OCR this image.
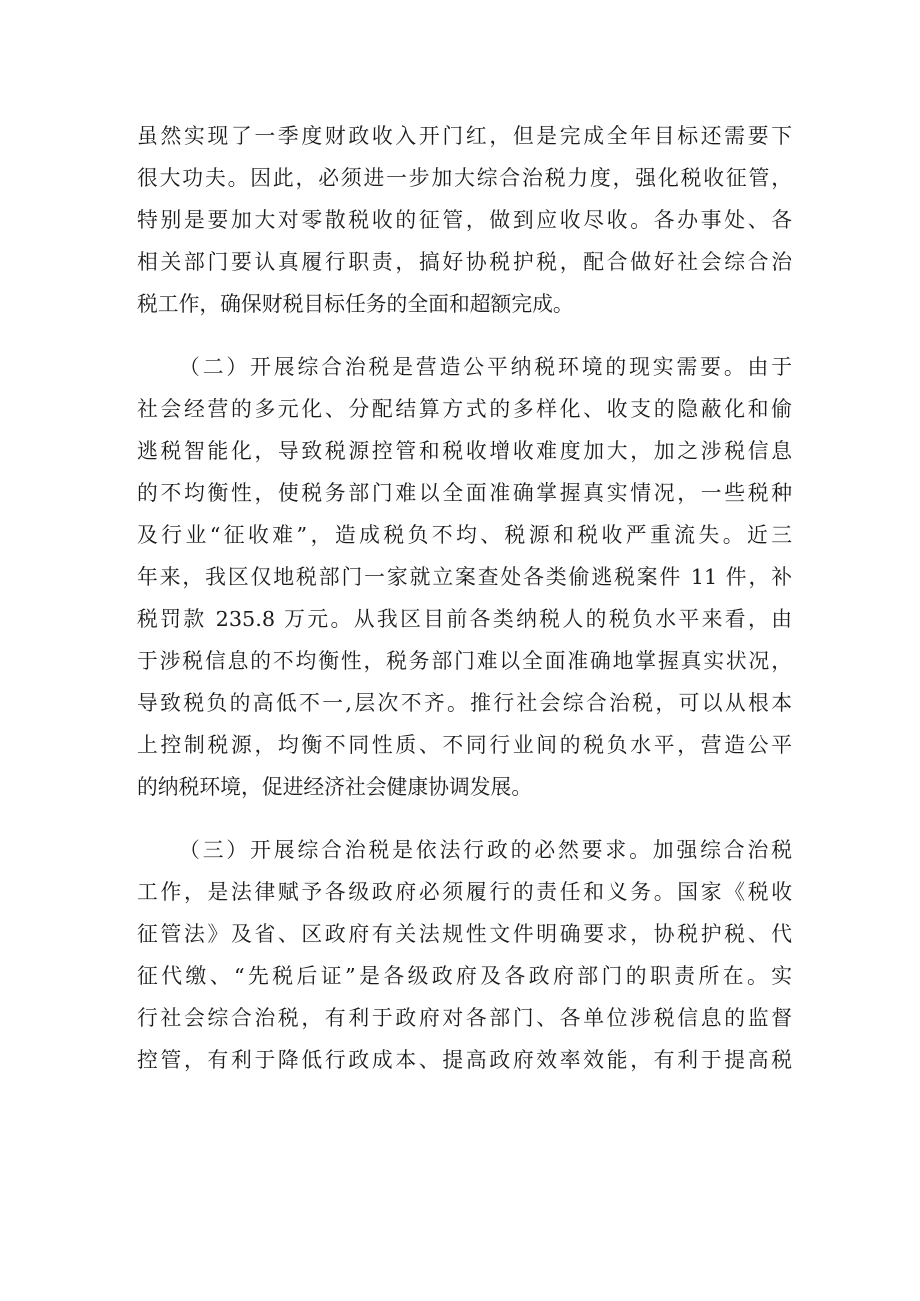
虽然实现了一季度财政收入开门红，但是完成全年目标还需要下
很大功夫。因此，必须进一步加大综合治税力度，强化税收征管，
特别是要加大对零散税收的征管，做到应收尽收。各办事处、各
相关部门要认真履行职责，搞好协税护税，配合做好社会综合治
税工作，确保财税目标任务的全面和超额完成。
（二）开展综合治税是营造公平纳税环境的现实需要。由于
社会经营的多元化、分配结算方式的多样化、收支的隐蔽化和偷
逃税智能化，导致税源控管和税收增收难度加大，加之涉税信息
的不均衡性，使税务部门难以全面准确掌握真实情况，一些税种
及行业“征收难”，造成税负不均、税源和税收严重流失。近三
年来，我区仅地税部门一家就立案查处各类偷逃税案件 11 件，补
税罚款 235.8 万元。从我区目前各类纳税人的税负水平来看，由
于涉税信息的不均衡性，税务部门难以全面准确地掌握真实状况，
导致税负的高低不一,层次不齐。推行社会综合治税，可以从根本
上控制税源，均衡不同性质、不同行业间的税负水平，营造公平
的纳税环境，促进经济社会健康协调发展。
（三）开展综合治税是依法行政的必然要求。加强综合治税
工作，是法律赋予各级政府必须履行的责任和义务。国家《税收
征管法》及省、区政府有关法规性文件明确要求，协税护税、代
征代缴、“先税后证”是各级政府及各政府部门的职责所在。实
行社会综合治税，有利于政府对各部门、各单位涉税信息的监督
控管，有利于降低行政成本、提高政府效率效能，有利于提高税
